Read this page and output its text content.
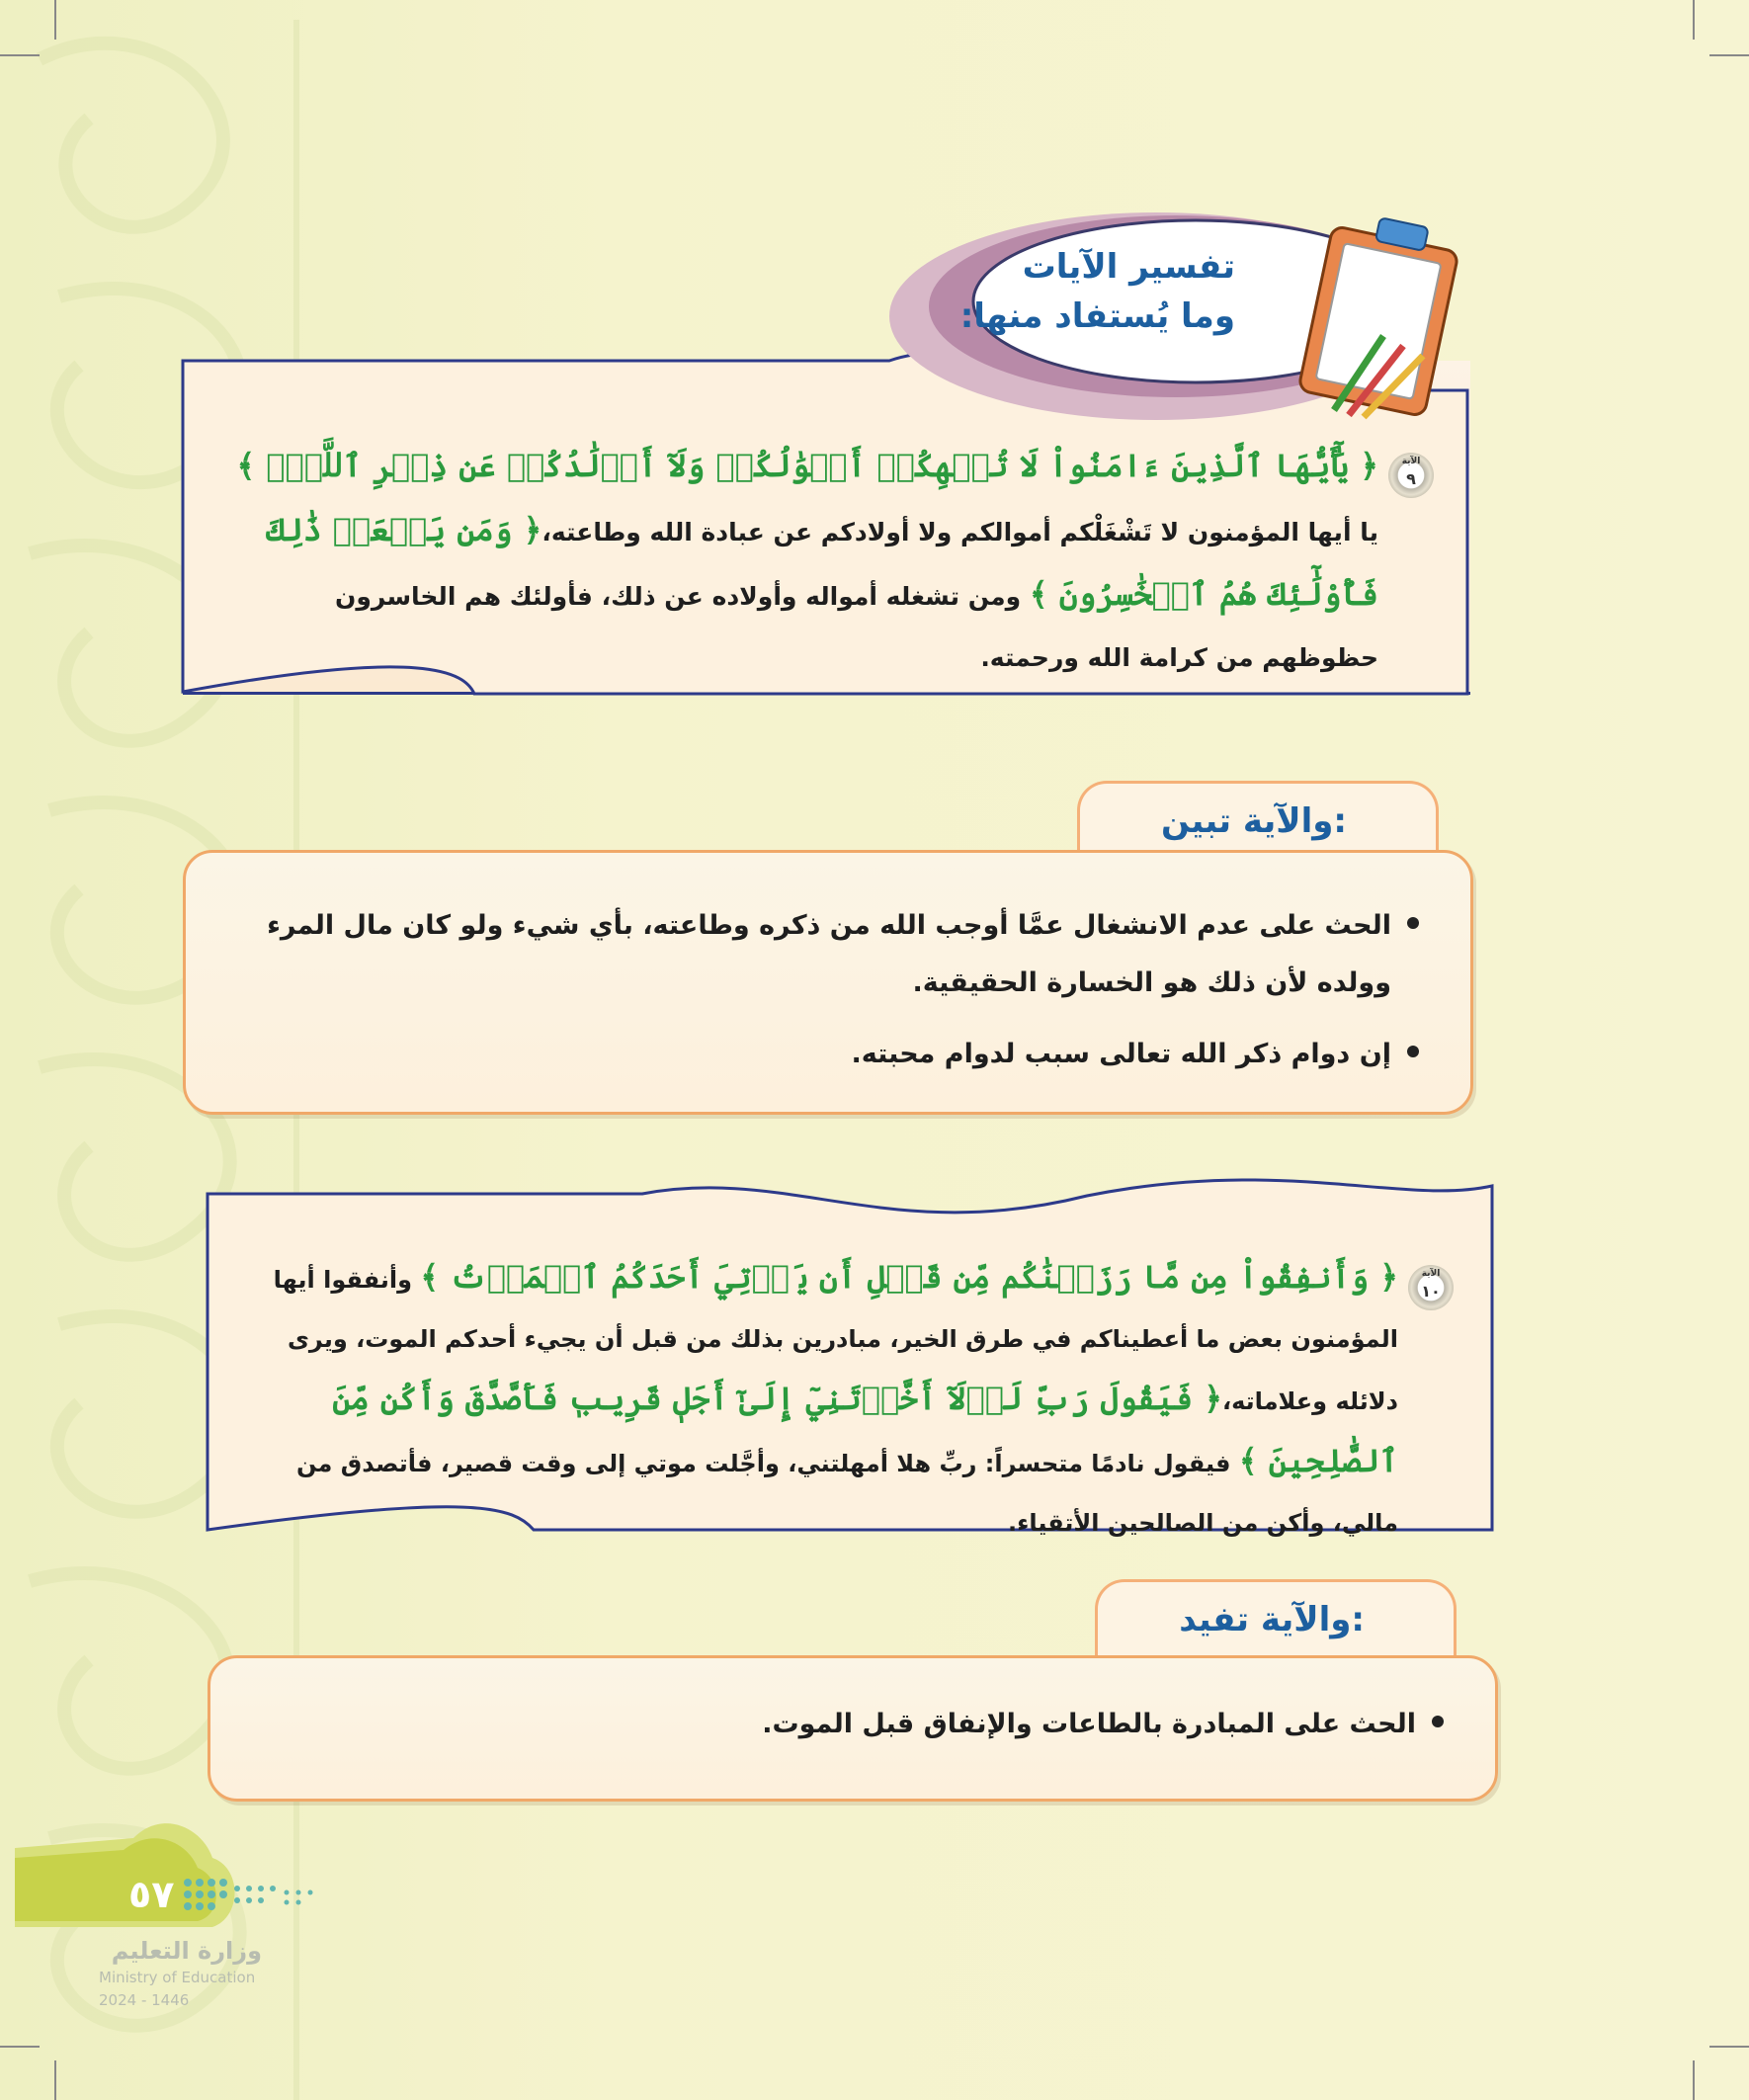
تفسير الآيات
وما يُستفاد منها:
الآية
٩
﴿ يَٰٓأَيُّهَا ٱلَّذِينَ ءَامَنُواْ لَا تُلۡهِكُمۡ أَمۡوَٰلُكُمۡ وَلَآ أَوۡلَٰدُكُمۡ عَن ذِكۡرِ ٱللَّهِۚ ﴾ يا أيها المؤمنون لا تَشْغَلْكم أموالكم ولا أولادكم عن عبادة الله وطاعته،﴿ وَمَن يَفۡعَلۡ ذَٰلِكَ فَأُوْلَٰٓئِكَ هُمُ ٱلۡخَٰسِرُونَ ﴾ ومن تشغله أمواله وأولاده عن ذلك، فأولئك هم الخاسرون حظوظهم من كرامة الله ورحمته.
والآية تبين:
الحث على عدم الانشغال عمَّا أوجب الله من ذكره وطاعته، بأي شيء ولو كان مال المرء وولده لأن ذلك هو الخسارة الحقيقية.
إن دوام ذكر الله تعالى سبب لدوام محبته.
الآية
١٠
﴿ وَأَنفِقُواْ مِن مَّا رَزَقۡنَٰكُم مِّن قَبۡلِ أَن يَأۡتِيَ أَحَدَكُمُ ٱلۡمَوۡتُ ﴾ وأنفقوا أيها المؤمنون بعض ما أعطيناكم في طرق الخير، مبادرين بذلك من قبل أن يجيء أحدكم الموت، ويرى دلائله وعلاماته،﴿ فَيَقُولَ رَبِّ لَوۡلَآ أَخَّرۡتَنِيٓ إِلَىٰٓ أَجَلٖ قَرِيبٖ فَأَصَّدَّقَ وَأَكُن مِّنَ ٱلصَّٰلِحِينَ ﴾ فيقول نادمًا متحسراً: ربِّ هلا أمهلتني، وأجَّلت موتي إلى وقت قصير، فأتصدق من مالي، وأكن من الصالحين الأتقياء.
والآية تفيد:
الحث على المبادرة بالطاعات والإنفاق قبل الموت.
٥٧
وزارة التعليم
Ministry of Education
2024 - 1446
